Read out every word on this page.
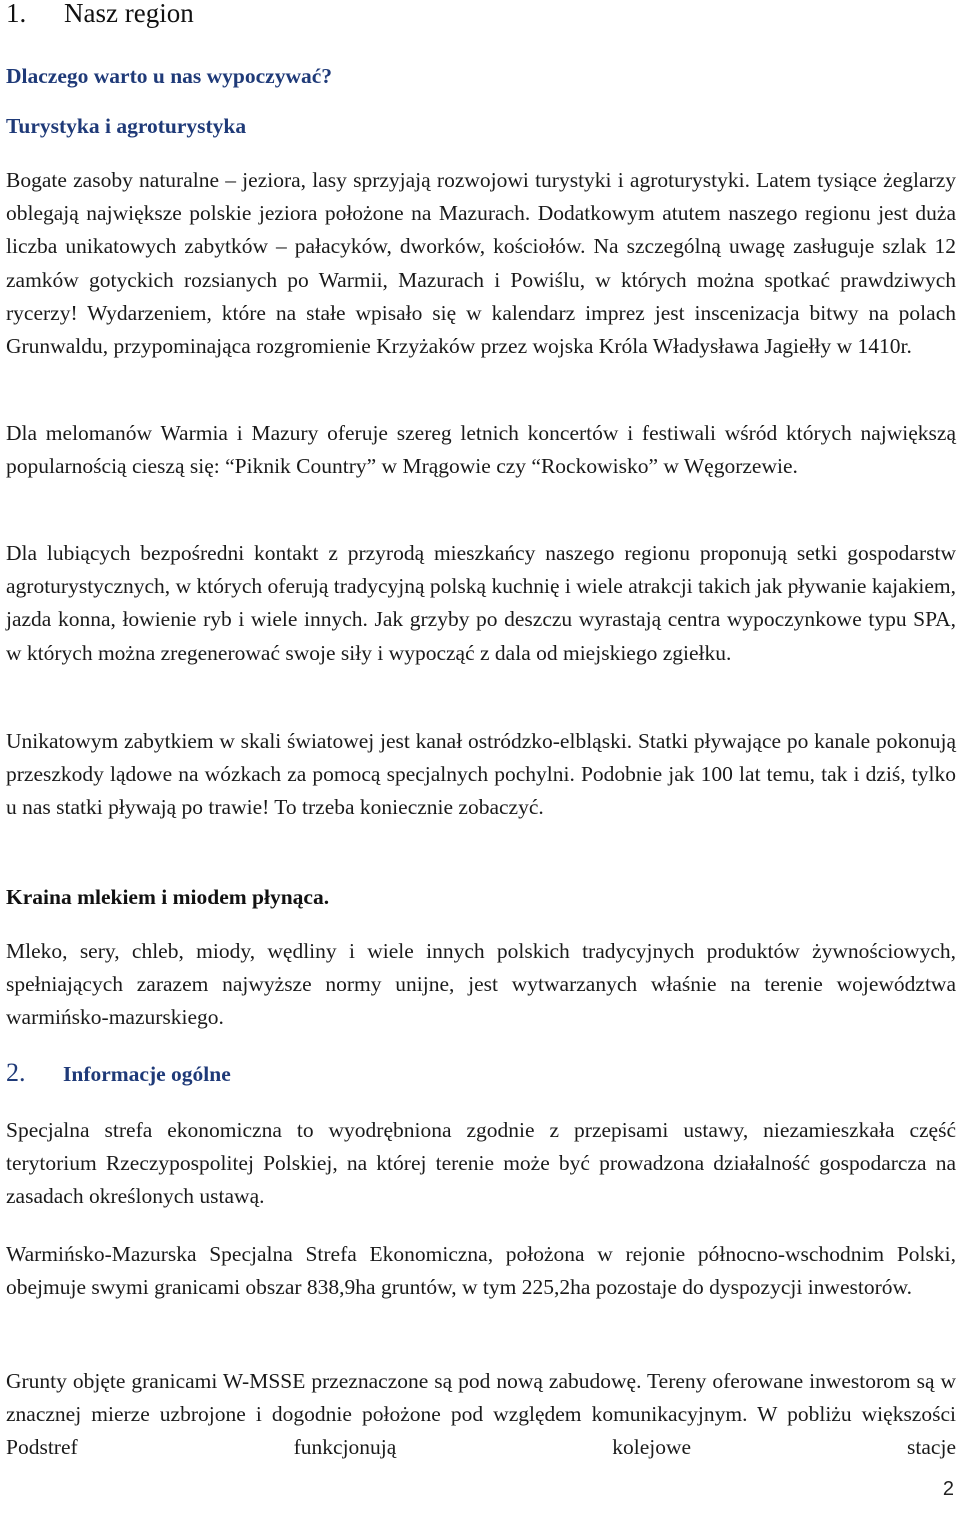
1. Nasz region

Dlaczego warto u nas wypoczywać?

Turystyka i agroturystyka

Bogate zasoby naturalne – jeziora, lasy sprzyjają rozwojowi turystyki i agroturystyki. Latem tysiące żeglarzy oblegają największe polskie jeziora położone na Mazurach. Dodatkowym atutem naszego regionu jest duża liczba unikatowych zabytków – pałacyków, dworków, kościołów. Na szczególną uwagę zasługuje szlak 12 zamków gotyckich rozsianych po Warmii, Mazurach i Powiślu, w których można spotkać prawdziwych rycerzy! Wydarzeniem, które na stałe wpisało się w kalendarz imprez jest inscenizacja bitwy na polach Grunwaldu, przypominająca rozgromienie Krzyżaków przez wojska Króla Władysława Jagiełły w 1410r.

Dla melomanów Warmia i Mazury oferuje szereg letnich koncertów i festiwali wśród których największą popularnością cieszą się: “Piknik Country” w Mrągowie czy “Rockowisko” w Węgorzewie.

Dla lubiących bezpośredni kontakt z przyrodą mieszkańcy naszego regionu proponują setki gospodarstw agroturystycznych, w których oferują tradycyjną polską kuchnię i wiele atrakcji takich jak pływanie kajakiem, jazda konna, łowienie ryb i wiele innych. Jak grzyby po deszczu wyrastają centra wypoczynkowe typu SPA, w których można zregenerować swoje siły i wypocząć z dala od miejskiego zgiełku.

Unikatowym zabytkiem w skali światowej jest kanał ostródzko-elbląski. Statki pływające po kanale pokonują przeszkody lądowe na wózkach za pomocą specjalnych pochylni. Podobnie jak 100 lat temu, tak i dziś, tylko u nas statki pływają po trawie! To trzeba koniecznie zobaczyć.

Kraina mlekiem i miodem płynąca.

Mleko, sery, chleb, miody, wędliny i wiele innych polskich tradycyjnych produktów żywnościowych, spełniających zarazem najwyższe normy unijne, jest wytwarzanych właśnie na terenie województwa warmińsko-mazurskiego.

2. Informacje ogólne

Specjalna strefa ekonomiczna to wyodrębniona zgodnie z przepisami ustawy, niezamieszkała część terytorium Rzeczypospolitej Polskiej, na której terenie może być prowadzona działalność gospodarcza na zasadach określonych ustawą.

Warmińsko-Mazurska Specjalna Strefa Ekonomiczna, położona w rejonie północno-wschodnim Polski, obejmuje swymi granicami obszar 838,9ha gruntów, w tym 225,2ha pozostaje do dyspozycji inwestorów.

Grunty objęte granicami W-MSSE przeznaczone są pod nową zabudowę. Tereny oferowane inwestorom są w znacznej mierze uzbrojone i dogodnie położone pod względem komunikacyjnym. W pobliżu większości Podstref funkcjonują kolejowe stacje

2
